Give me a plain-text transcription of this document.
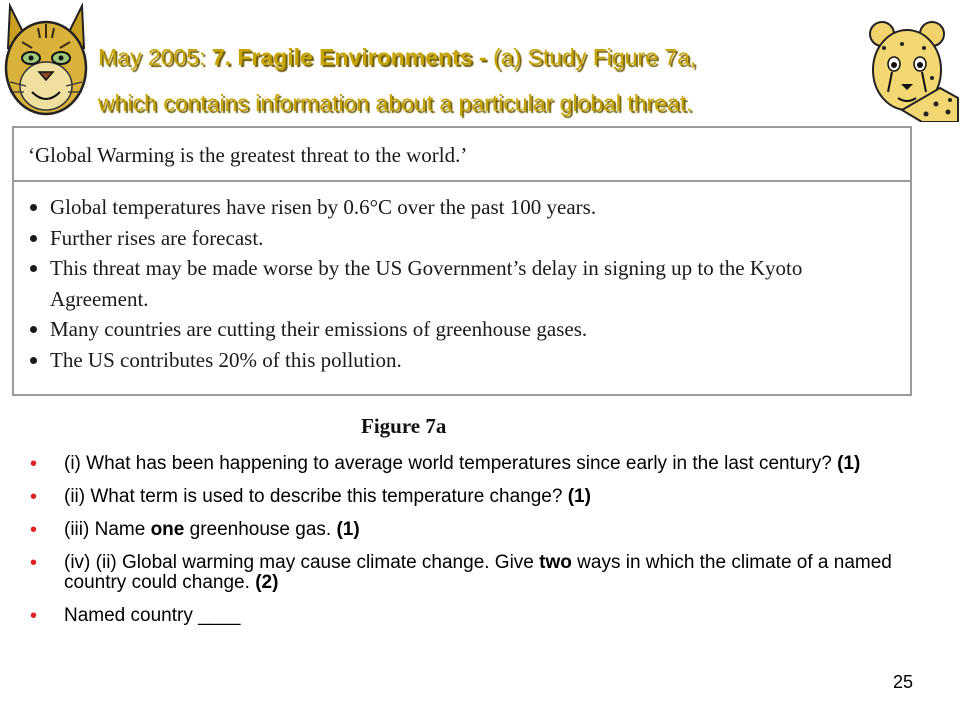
May 2005: 7. Fragile Environments - (a) Study Figure 7a,
which contains information about a particular global threat.
‘Global Warming is the greatest threat to the world.’
Global temperatures have risen by 0.6°C over the past 100 years.
Further rises are forecast.
This threat may be made worse by the US Government’s delay in signing up to the Kyoto Agreement.
Many countries are cutting their emissions of greenhouse gases.
The US contributes 20% of this pollution.
Figure 7a
• (i) What has been happening to average world temperatures since early in the last century? (1)
• (ii) What term is used to describe this temperature change? (1)
• (iii) Name one greenhouse gas. (1)
• (iv) (ii) Global warming may cause climate change. Give two ways in which the climate of a named country could change. (2)
• Named country ____
25
